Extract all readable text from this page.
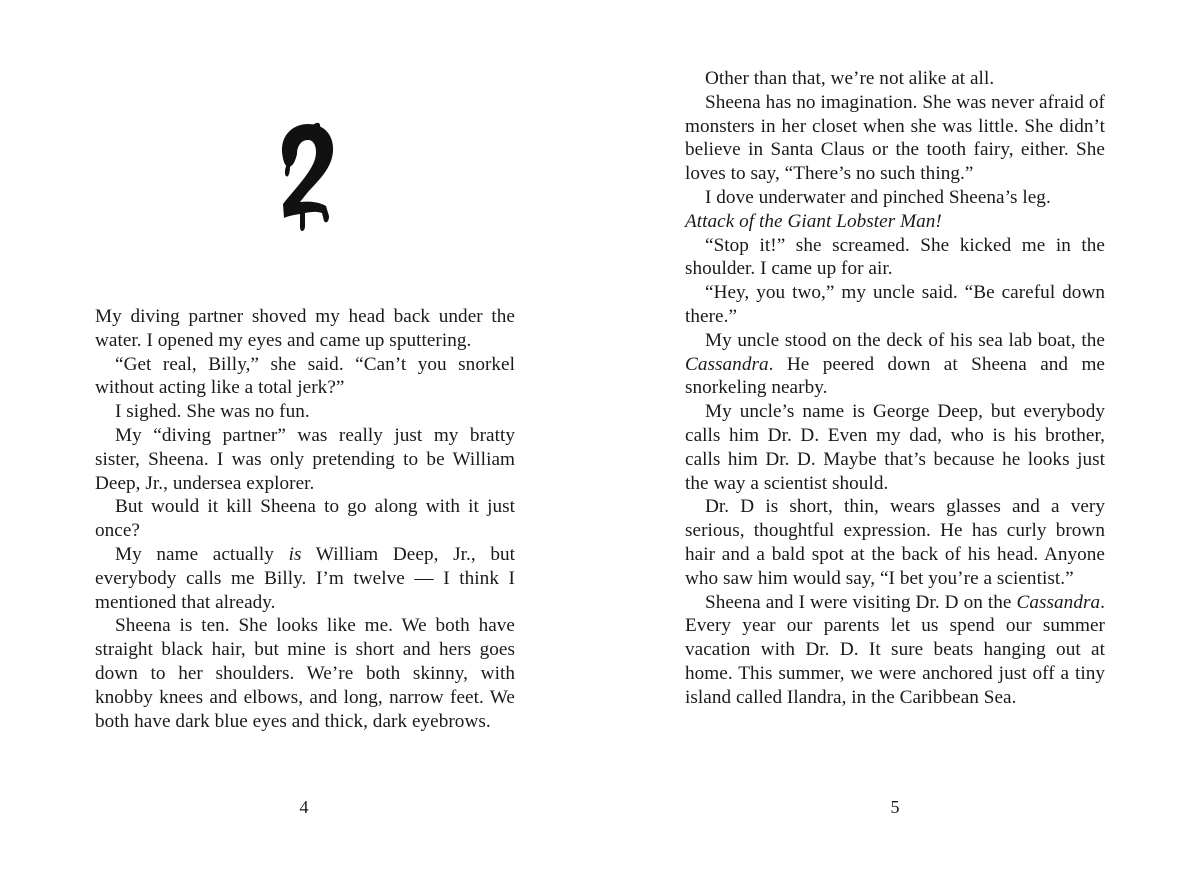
My diving partner shoved my head back under the water. I opened my eyes and came up sputtering.

“Get real, Billy,” she said. “Can’t you snorkel without acting like a total jerk?”

I sighed. She was no fun.

My “diving partner” was really just my bratty sister, Sheena. I was only pretending to be William Deep, Jr., undersea explorer.

But would it kill Sheena to go along with it just once?

My name actually is William Deep, Jr., but everybody calls me Billy. I’m twelve — I think I mentioned that already.

Sheena is ten. She looks like me. We both have straight black hair, but mine is short and hers goes down to her shoulders. We’re both skinny, with knobby knees and elbows, and long, narrow feet. We both have dark blue eyes and thick, dark eyebrows.

4

Other than that, we’re not alike at all.

Sheena has no imagination. She was never afraid of monsters in her closet when she was little. She didn’t believe in Santa Claus or the tooth fairy, either. She loves to say, “There’s no such thing.”

I dove underwater and pinched Sheena’s leg.

Attack of the Giant Lobster Man!

“Stop it!” she screamed. She kicked me in the shoulder. I came up for air.

“Hey, you two,” my uncle said. “Be careful down there.”

My uncle stood on the deck of his sea lab boat, the Cassandra. He peered down at Sheena and me snorkeling nearby.

My uncle’s name is George Deep, but everybody calls him Dr. D. Even my dad, who is his brother, calls him Dr. D. Maybe that’s because he looks just the way a scientist should.

Dr. D is short, thin, wears glasses and a very serious, thoughtful expression. He has curly brown hair and a bald spot at the back of his head. Anyone who saw him would say, “I bet you’re a scientist.”

Sheena and I were visiting Dr. D on the Cassandra. Every year our parents let us spend our summer vacation with Dr. D. It sure beats hanging out at home. This summer, we were anchored just off a tiny island called Ilandra, in the Caribbean Sea.

5
